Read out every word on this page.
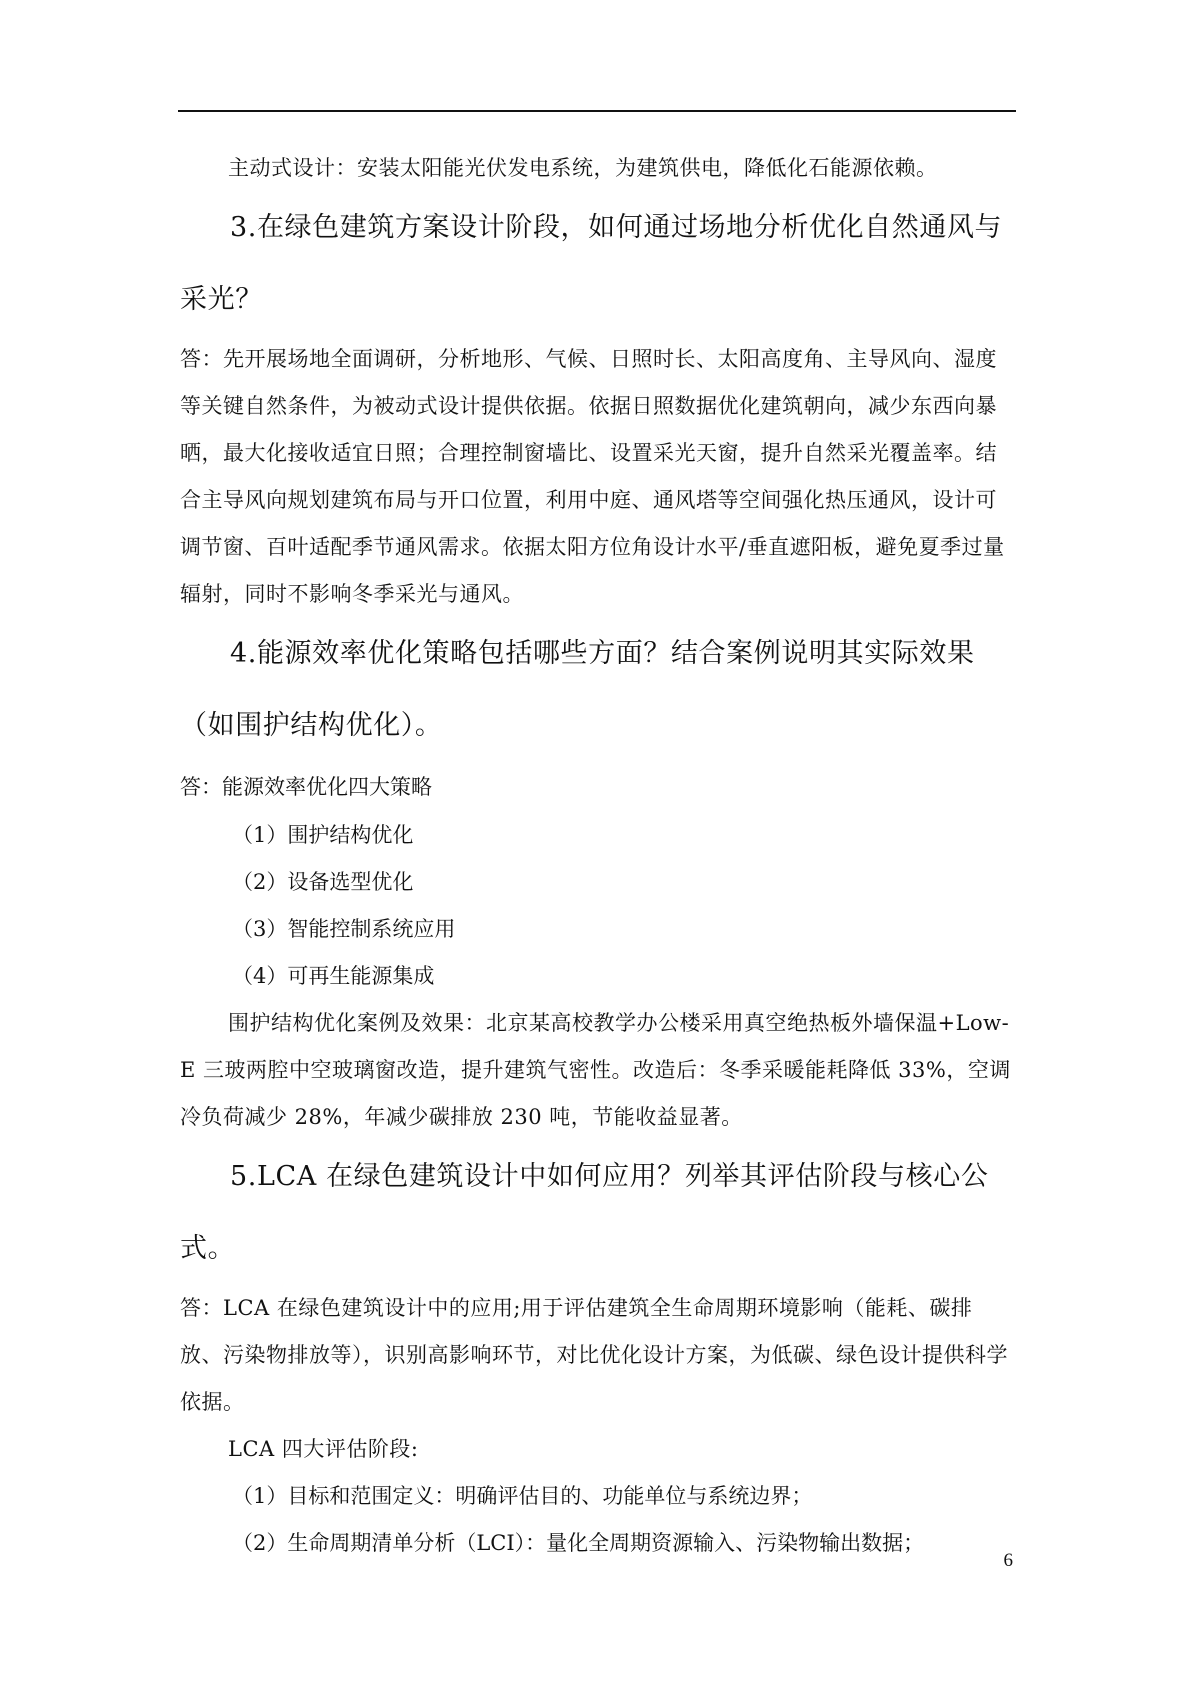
主动式设计：安装太阳能光伏发电系统，为建筑供电，降低化石能源依赖。

3.在绿色建筑方案设计阶段，如何通过场地分析优化自然通风与采光？

答：先开展场地全面调研，分析地形、气候、日照时长、太阳高度角、主导风向、湿度等关键自然条件，为被动式设计提供依据。依据日照数据优化建筑朝向，减少东西向暴晒，最大化接收适宜日照；合理控制窗墙比、设置采光天窗，提升自然采光覆盖率。结合主导风向规划建筑布局与开口位置，利用中庭、通风塔等空间强化热压通风，设计可调节窗、百叶适配季节通风需求。依据太阳方位角设计水平/垂直遮阳板，避免夏季过量辐射，同时不影响冬季采光与通风。

4.能源效率优化策略包括哪些方面？结合案例说明其实际效果（如围护结构优化）。

答：能源效率优化四大策略

（1）围护结构优化

（2）设备选型优化

（3）智能控制系统应用

（4）可再生能源集成

围护结构优化案例及效果：北京某高校教学办公楼采用真空绝热板外墙保温+Low-E 三玻两腔中空玻璃窗改造，提升建筑气密性。改造后：冬季采暖能耗降低 33%，空调冷负荷减少 28%，年减少碳排放 230 吨，节能收益显著。

5.LCA 在绿色建筑设计中如何应用？列举其评估阶段与核心公式。

答：LCA 在绿色建筑设计中的应用;用于评估建筑全生命周期环境影响（能耗、碳排放、污染物排放等），识别高影响环节，对比优化设计方案，为低碳、绿色设计提供科学依据。

LCA 四大评估阶段:

（1）目标和范围定义：明确评估目的、功能单位与系统边界；

（2）生命周期清单分析（LCI）：量化全周期资源输入、污染物输出数据；

6
